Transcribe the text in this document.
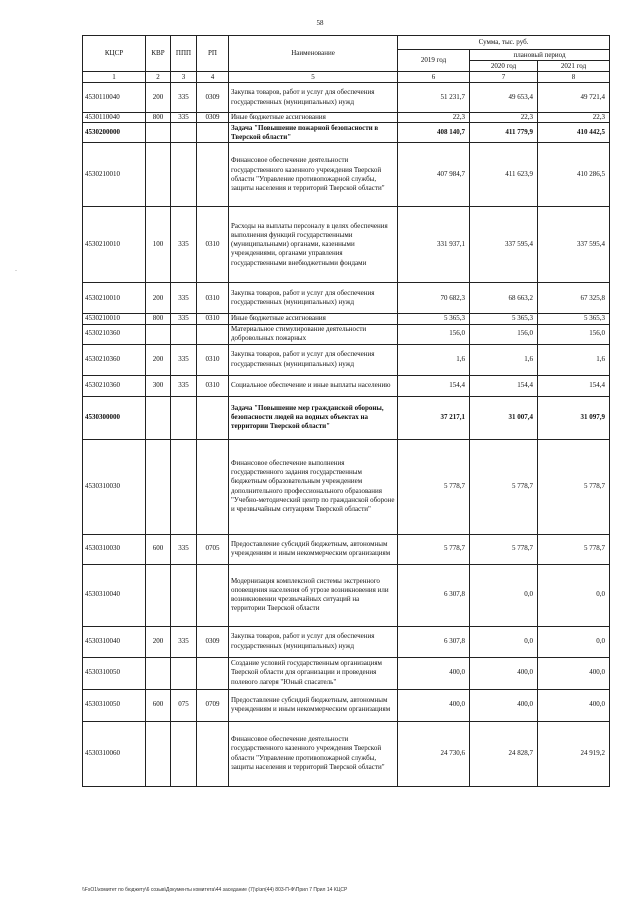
58
-
КЦСР	КВР	ППП	РП	Наименование	Сумма, тыс. руб.		
					2019 год	плановый период	
						2020 год	2021 год
1	2	3	4	5	6	7	8
4530110040	200	335	0309	Закупка товаров, работ и услуг для обеспечения государственных (муниципальных) нужд	51 231,7	49 653,4	49 721,4
4530110040	800	335	0309	Иные бюджетные ассигнования	22,3	22,3	22,3
4530200000				Задача "Повышение пожарной безопасности в Тверской области"	408 140,7	411 779,9	410 442,5
4530210010				Финансовое обеспечение деятельности государственного казенного учреждения Тверской области "Управление противопожарной службы, защиты населения и территорий Тверской области"	407 984,7	411 623,9	410 286,5
4530210010	100	335	0310	Расходы на выплаты персоналу в целях обеспечения выполнения функций государственными (муниципальными) органами, казенными учреждениями, органами управления государственными внебюджетными фондами	331 937,1	337 595,4	337 595,4
4530210010	200	335	0310	Закупка товаров, работ и услуг для обеспечения государственных (муниципальных) нужд	70 682,3	68 663,2	67 325,8
4530210010	800	335	0310	Иные бюджетные ассигнования	5 365,3	5 365,3	5 365,3
4530210360				Материальное стимулирование деятельности добровольных пожарных	156,0	156,0	156,0
4530210360	200	335	0310	Закупка товаров, работ и услуг для обеспечения государственных (муниципальных) нужд	1,6	1,6	1,6
4530210360	300	335	0310	Социальное обеспечение и иные выплаты населению	154,4	154,4	154,4
4530300000				Задача "Повышение мер гражданской обороны, безопасности людей на водных объектах на территории Тверской области"	37 217,1	31 007,4	31 097,9
4530310030				Финансовое обеспечение выполнения государственного задания государственным бюджетным образовательным учреждением дополнительного профессионального образования "Учебно-методический центр по гражданской обороне и чрезвычайным ситуациям Тверской области"	5 778,7	5 778,7	5 778,7
4530310030	600	335	0705	Предоставление субсидий бюджетным, автономным учреждениям и иным некоммерческим организациям	5 778,7	5 778,7	5 778,7
4530310040				Модернизация комплексной системы экстренного оповещения населения об угрозе возникновения или возникновении чрезвычайных ситуаций на территории Тверской области	6 307,8	0,0	0,0
4530310040	200	335	0309	Закупка товаров, работ и услуг для обеспечения государственных (муниципальных) нужд	6 307,8	0,0	0,0
4530310050				Создание условий государственным организациям Тверской области для организации и проведения полевого лагеря "Юный спасатель"	400,0	400,0	400,0
4530310050	600	075	0709	Предоставление субсидий бюджетным, автономным учреждениям и иным некоммерческим организациям	400,0	400,0	400,0
4530310060				Финансовое обеспечение деятельности государственного казенного учреждения Тверской области "Управление противопожарной службы, защиты населения и территорий Тверской области"	24 730,6	24 828,7	24 919,2
\\FsO1\комитет по бюджету\6 созыв\Документы комитета\44 заседание (7)\р\зп(44) 803-П-Ф\Прил 7 Прил 14 КЦСР
